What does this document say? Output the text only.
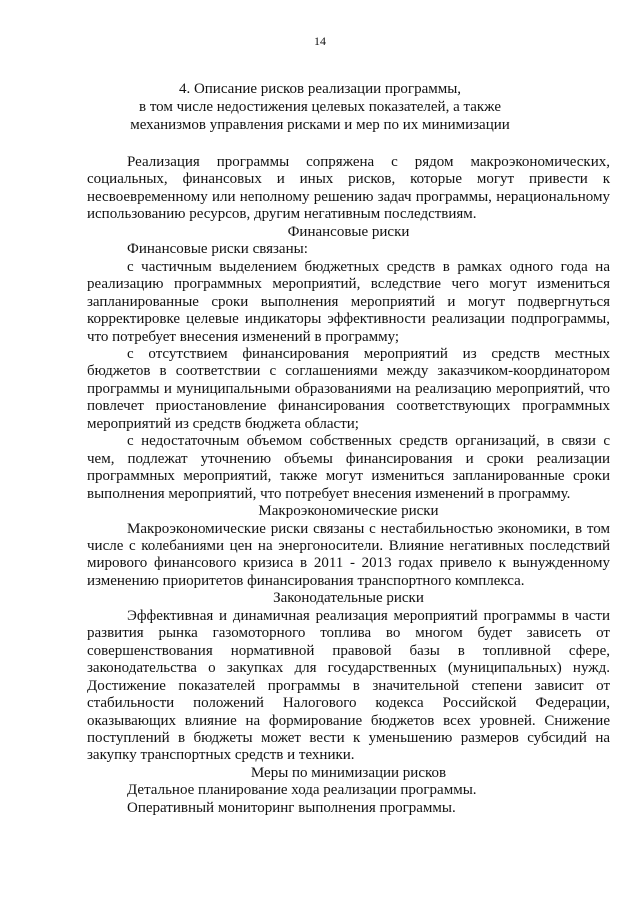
14
4. Описание рисков реализации программы,
в том числе недостижения целевых показателей, а также
механизмов управления рисками и мер по их минимизации

Реализация программы сопряжена с рядом макроэкономических, социальных, финансовых и иных рисков, которые могут привести к несвоевременному или неполному решению задач программы, нерациональному использованию ресурсов, другим негативным последствиям.

Финансовые риски

Финансовые риски связаны:

с частичным выделением бюджетных средств в рамках одного года на реализацию программных мероприятий, вследствие чего могут измениться запланированные сроки выполнения мероприятий и могут подвергнуться корректировке целевые индикаторы эффективности реализации подпрограммы, что потребует внесения изменений в программу;

с отсутствием финансирования мероприятий из средств местных бюджетов в соответствии с соглашениями между заказчиком-координатором программы и муниципальными образованиями на реализацию мероприятий, что повлечет приостановление финансирования соответствующих программных мероприятий из средств бюджета области;

с недостаточным объемом собственных средств организаций, в связи с чем, подлежат уточнению объемы финансирования и сроки реализации программных мероприятий, также могут измениться запланированные сроки выполнения мероприятий, что потребует внесения изменений в программу.

Макроэкономические риски

Макроэкономические риски связаны с нестабильностью экономики, в том числе с колебаниями цен на энергоносители. Влияние негативных последствий мирового финансового кризиса в 2011 - 2013 годах привело к вынужденному изменению приоритетов финансирования транспортного комплекса.

Законодательные риски

Эффективная и динамичная реализация мероприятий программы в части развития рынка газомоторного топлива во многом будет зависеть от совершенствования нормативной правовой базы в топливной сфере, законодательства о закупках для государственных (муниципальных) нужд. Достижение показателей программы в значительной степени зависит от стабильности положений Налогового кодекса Российской Федерации, оказывающих влияние на формирование бюджетов всех уровней. Снижение поступлений в бюджеты может вести к уменьшению размеров субсидий на закупку транспортных средств и техники.

Меры по минимизации рисков

Детальное планирование хода реализации программы.

Оперативный мониторинг выполнения программы.
